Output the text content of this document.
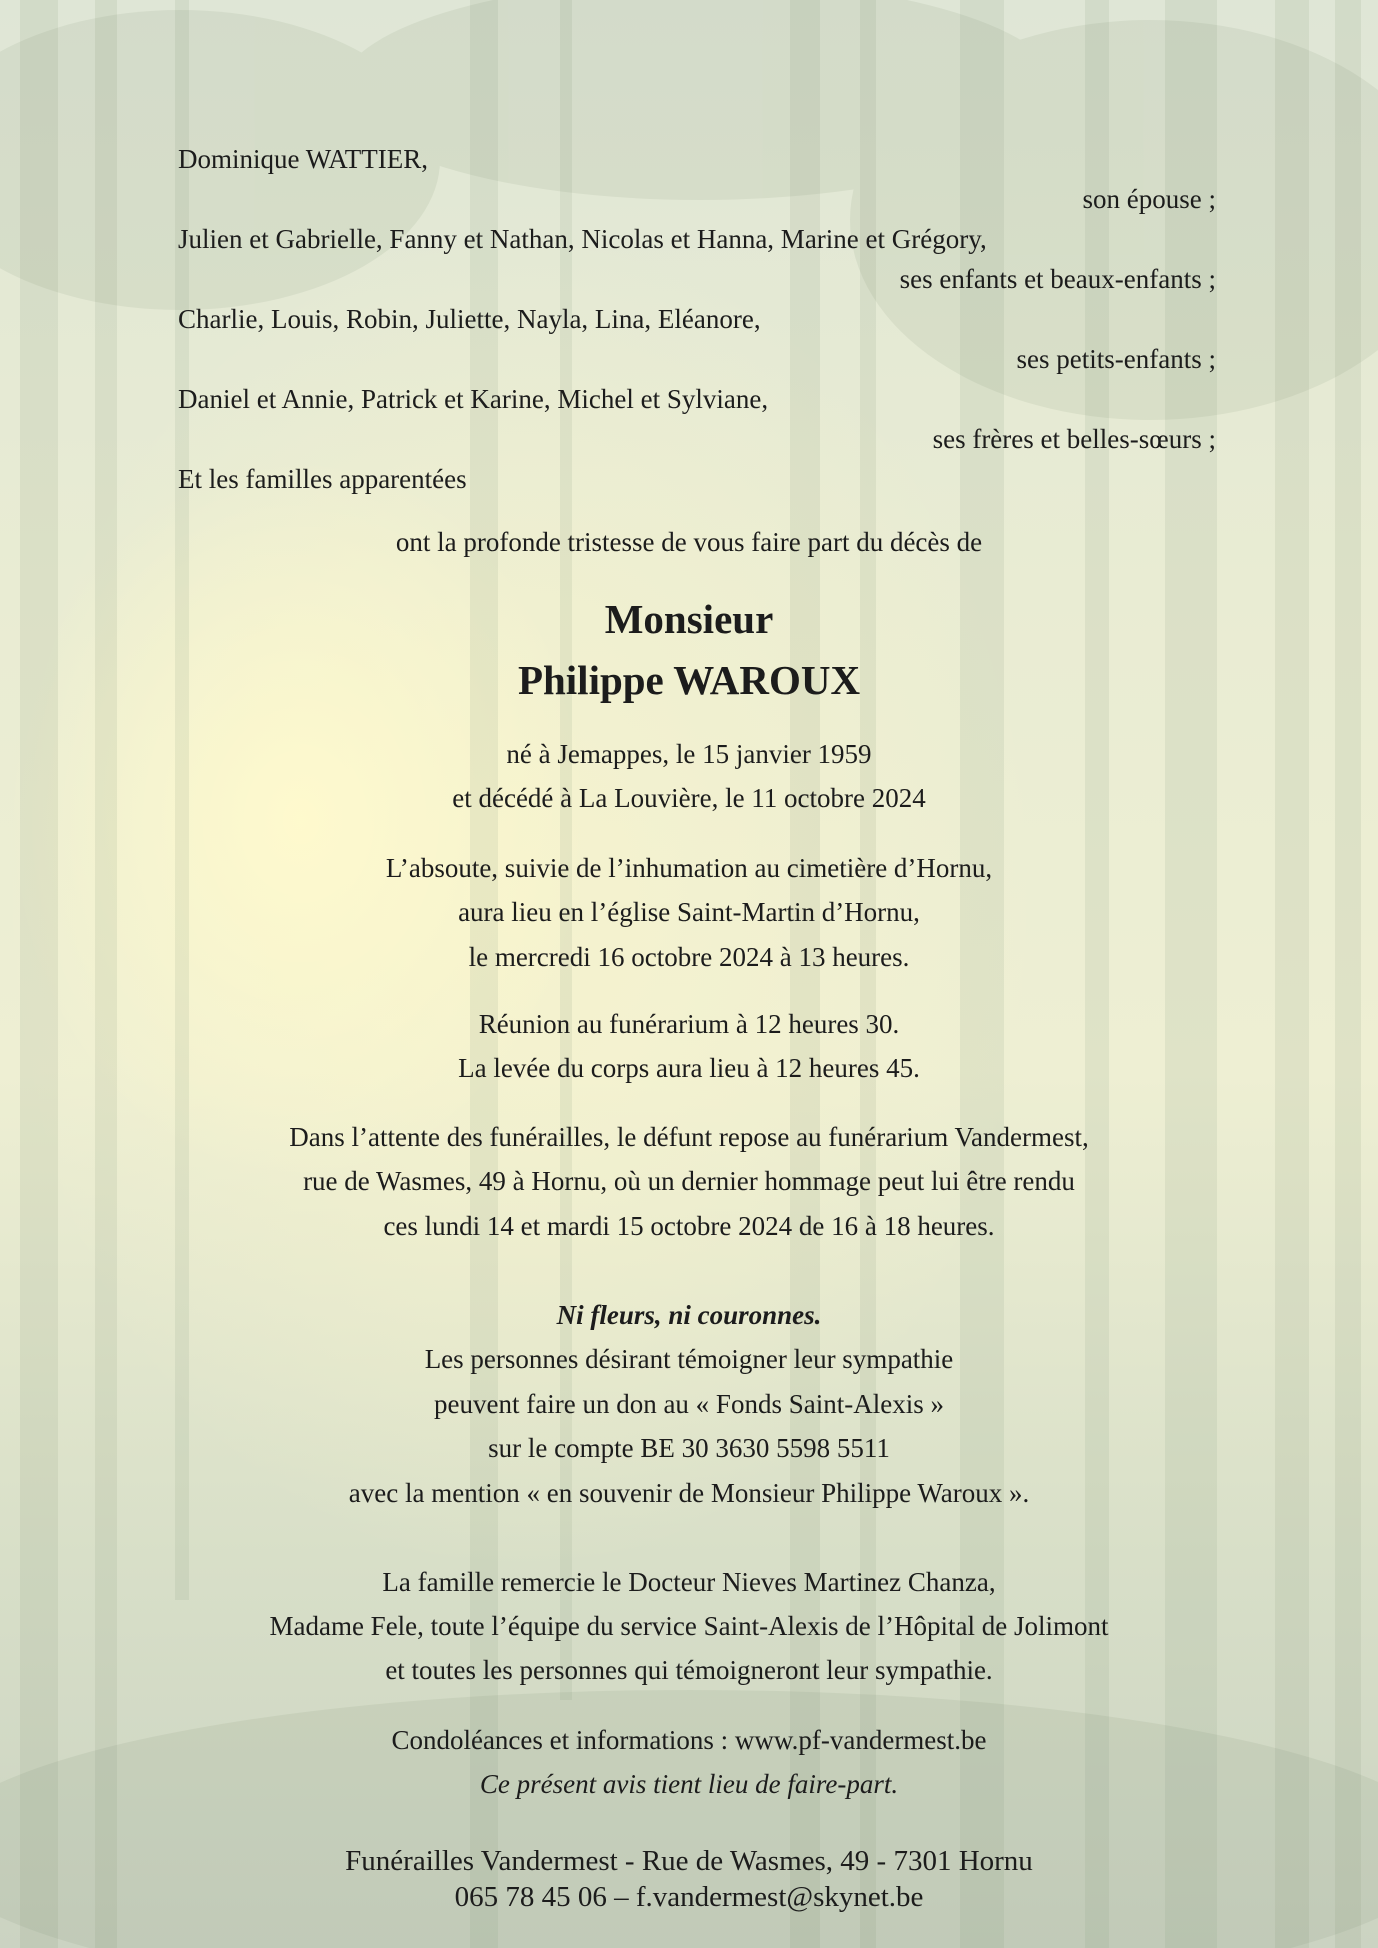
Dominique WATTIER,
son épouse ;
Julien et Gabrielle, Fanny et Nathan, Nicolas et Hanna, Marine et Grégory,
ses enfants et beaux-enfants ;
Charlie, Louis, Robin, Juliette, Nayla, Lina, Eléanore,
ses petits-enfants ;
Daniel et Annie, Patrick et Karine, Michel et Sylviane,
ses frères et belles-sœurs ;
Et les familles apparentées
ont la profonde tristesse de vous faire part du décès de
Monsieur
Philippe WAROUX
né à Jemappes, le 15 janvier 1959
et décédé à La Louvière, le 11 octobre 2024
L’absoute, suivie de l’inhumation au cimetière d’Hornu,
aura lieu en l’église Saint-Martin d’Hornu,
le mercredi 16 octobre 2024 à 13 heures.
Réunion au funérarium à 12 heures 30.
La levée du corps aura lieu à 12 heures 45.
Dans l’attente des funérailles, le défunt repose au funérarium Vandermest,
rue de Wasmes, 49 à Hornu, où un dernier hommage peut lui être rendu
ces lundi 14 et mardi 15 octobre 2024 de 16 à 18 heures.
Ni fleurs, ni couronnes.
Les personnes désirant témoigner leur sympathie
peuvent faire un don au « Fonds Saint-Alexis »
sur le compte BE 30 3630 5598 5511
avec la mention « en souvenir de Monsieur Philippe Waroux ».
La famille remercie le Docteur Nieves Martinez Chanza,
Madame Fele, toute l’équipe du service Saint-Alexis de l’Hôpital de Jolimont
et toutes les personnes qui témoigneront leur sympathie.
Condoléances et informations : www.pf-vandermest.be
Ce présent avis tient lieu de faire-part.
Funérailles Vandermest - Rue de Wasmes, 49 - 7301 Hornu
065 78 45 06 – f.vandermest@skynet.be
